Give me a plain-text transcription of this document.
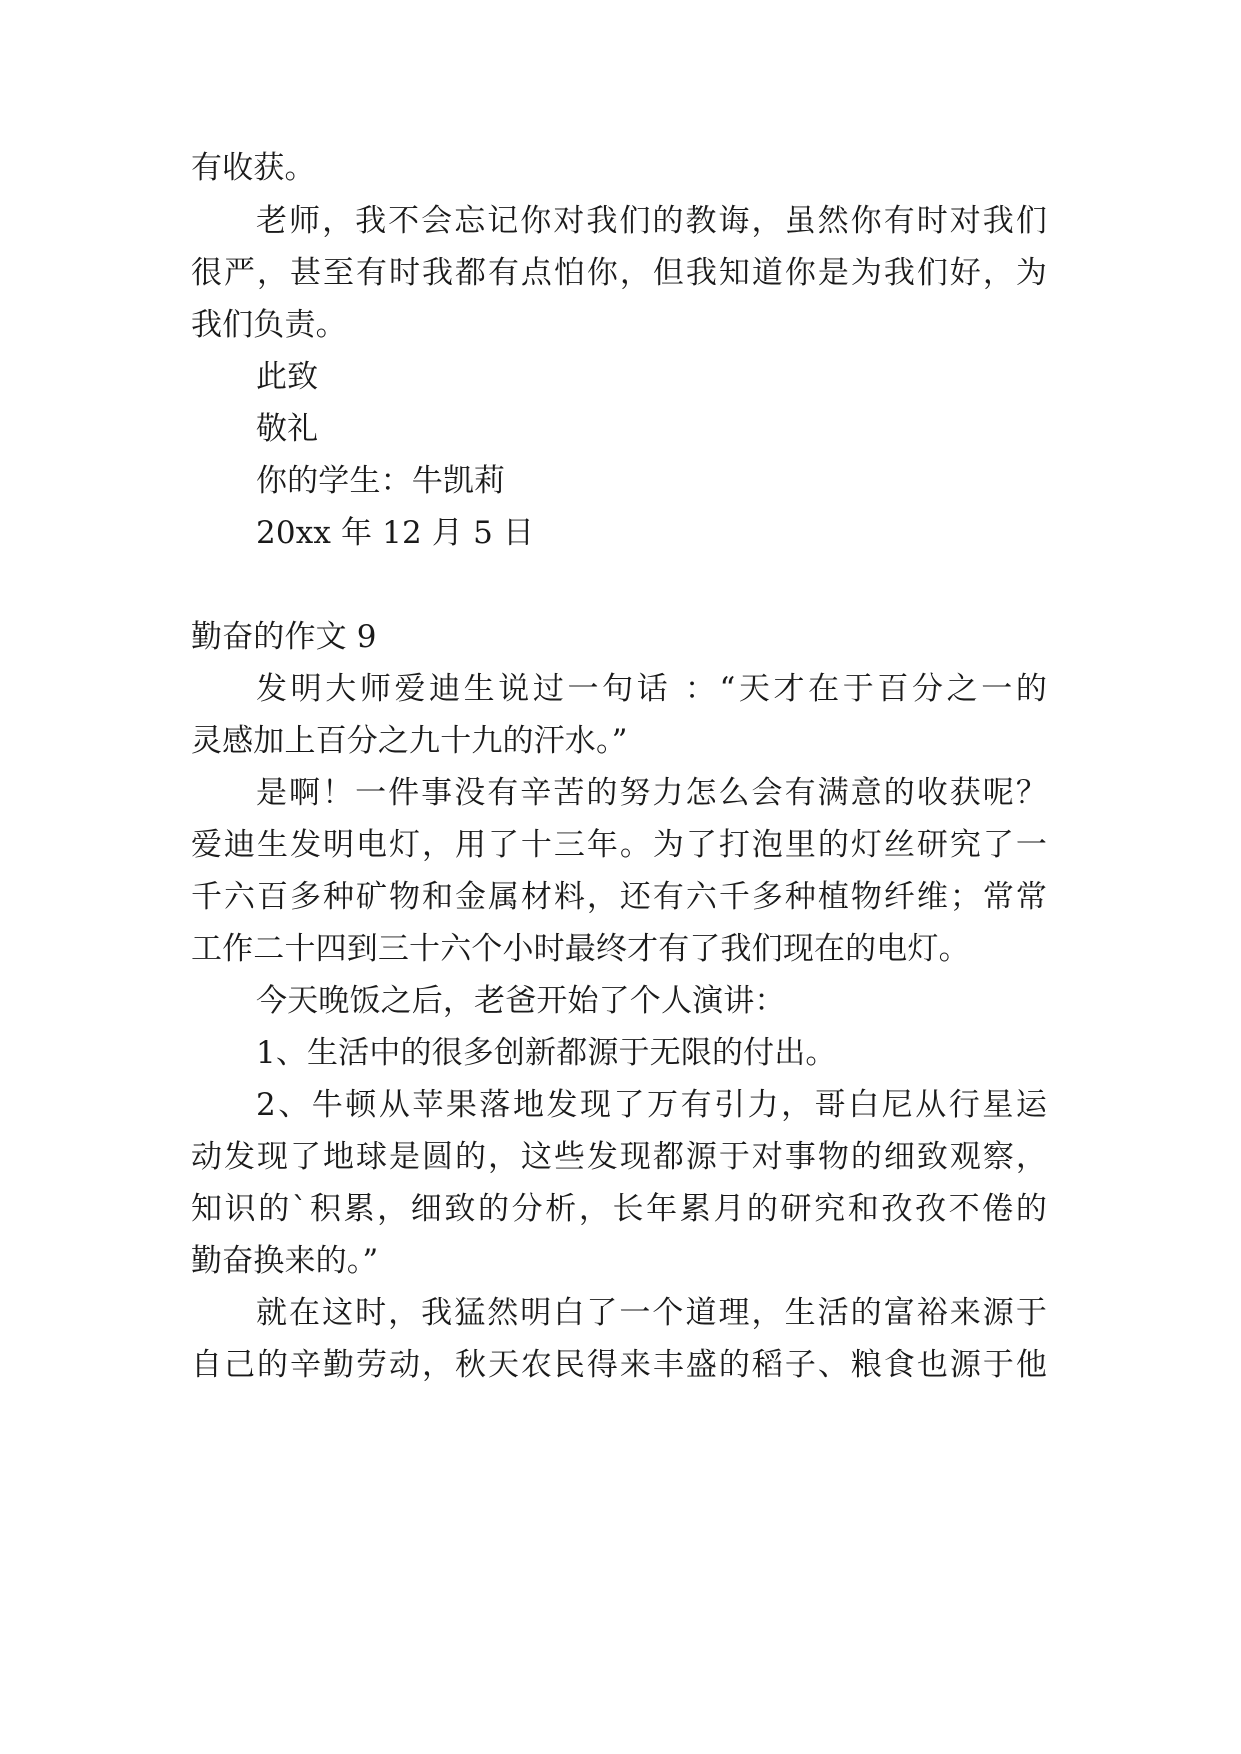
有收获。
老师，我不会忘记你对我们的教诲，虽然你有时对我们
很严，甚至有时我都有点怕你，但我知道你是为我们好，为
我们负责。
此致
敬礼
你的学生：牛凯莉
20xx 年 12 月 5 日
勤奋的作文 9
发明大师爱迪生说过一句话 ：“天才在于百分之一的
灵感加上百分之九十九的汗水。”
是啊！一件事没有辛苦的努力怎么会有满意的收获呢？
爱迪生发明电灯，用了十三年。为了打泡里的灯丝研究了一
千六百多种矿物和金属材料，还有六千多种植物纤维；常常
工作二十四到三十六个小时最终才有了我们现在的电灯。
今天晚饭之后，老爸开始了个人演讲：
1、生活中的很多创新都源于无限的付出。
2、牛顿从苹果落地发现了万有引力，哥白尼从行星运
动发现了地球是圆的，这些发现都源于对事物的细致观察，
知识的`积累，细致的分析，长年累月的研究和孜孜不倦的
勤奋换来的。”
就在这时，我猛然明白了一个道理，生活的富裕来源于
自己的辛勤劳动，秋天农民得来丰盛的稻子、粮食也源于他
